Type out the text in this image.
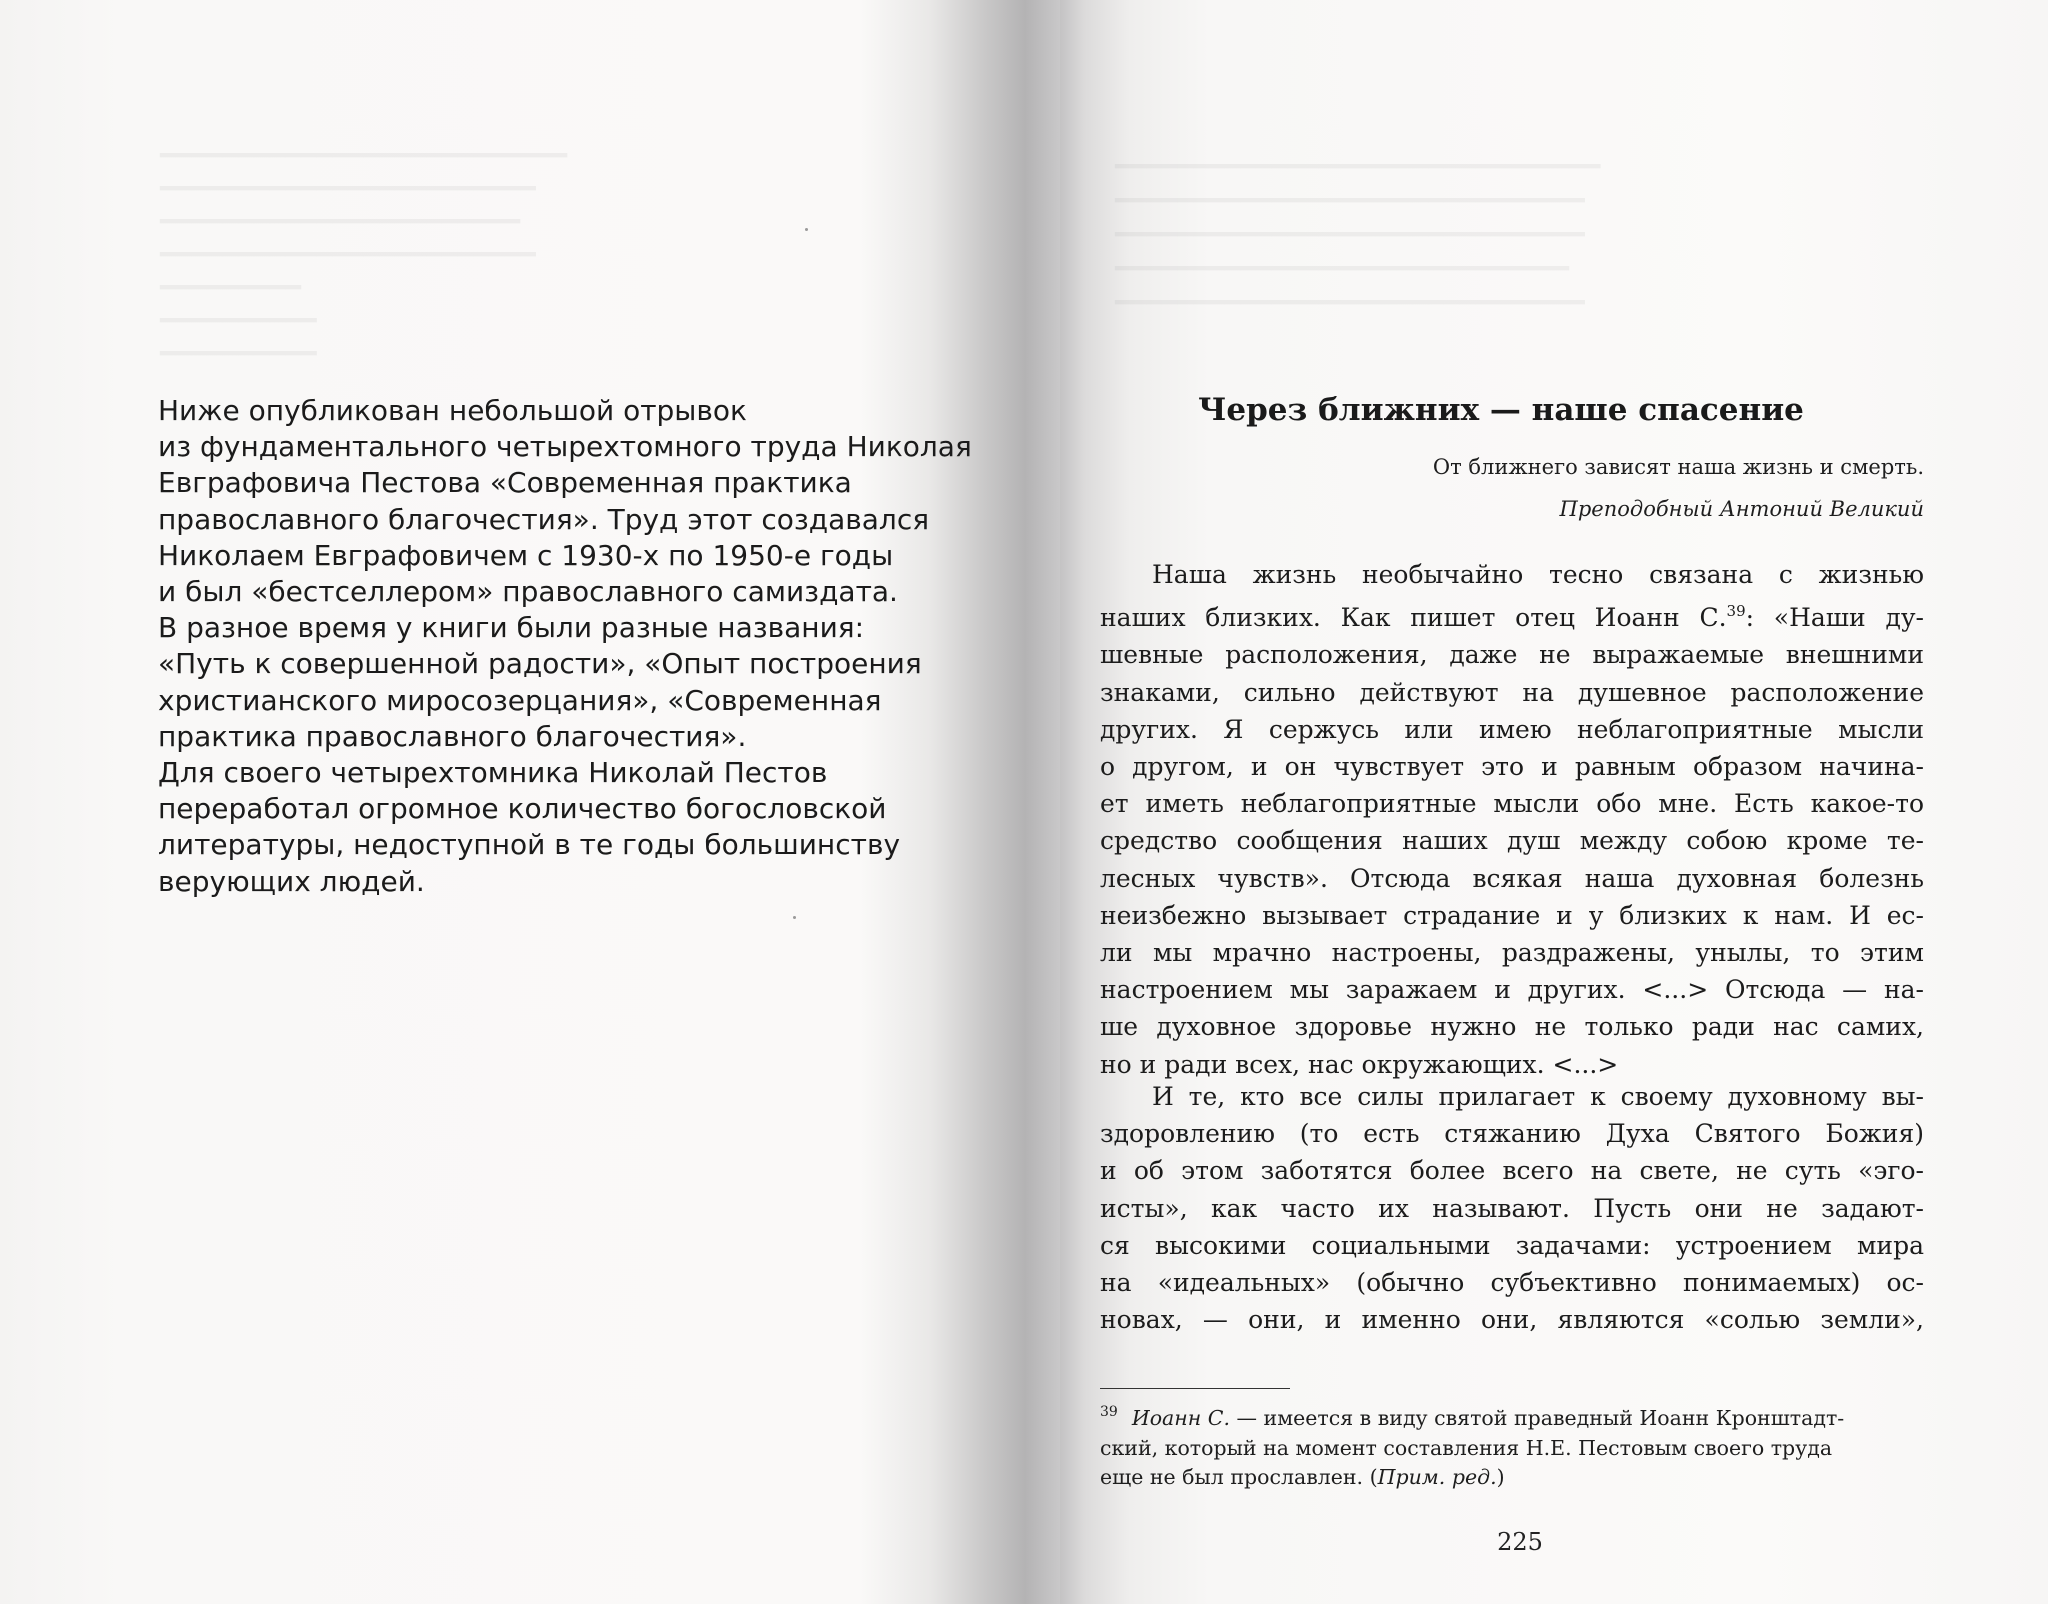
━━━━━━━━━━━━━━━━━━━━━━━━━━
━━━━━━━━━━━━━━━━━━━━━━━━
━━━━━━━━━━━━━━━━━━━━━━━
━━━━━━━━━━━━━━━━━━━━━━━━
━━━━━━━━━
━━━━━━━━━━
━━━━━━━━━━

━━━━━━━━━━━━━━━━━━━━━━━━━━━━━━━
━━━━━━━━━━━━━━━━━━━━━━━━━━━━━━
━━━━━━━━━━━━━━━━━━━━━━━━━━━━━━
━━━━━━━━━━━━━━━━━━━━━━━━━━━━━
━━━━━━━━━━━━━━━━━━━━━━━━━━━━━━

Ниже опубликован небольшой отрывок
из фундаментального четырехтомного труда Николая
Евграфовича Пестова «Современная практика
православного благочестия». Труд этот создавался
Николаем Евграфовичем с 1930-х по 1950-е годы
и был «бестселлером» православного самиздата.
В разное время у книги были разные названия:
«Путь к совершенной радости», «Опыт построения
христианского миросозерцания», «Современная
практика православного благочестия».
Для своего четырехтомника Николай Пестов
переработал огромное количество богословской
литературы, недоступной в те годы большинству
верующих людей.

Через ближних — наше спасение

От ближнего зависят наша жизнь и смерть.

Преподобный Антоний Великий

Наша жизнь необычайно тесно связана с жизнью
наших близких. Как пишет отец Иоанн С.$^{39}$: «Наши ду-
шевные расположения, даже не выражаемые внешними
знаками, сильно действуют на душевное расположение
других. Я сержусь или имею неблагоприятные мысли
о другом, и он чувствует это и равным образом начина-
ет иметь неблагоприятные мысли обо мне. Есть какое-то
средство сообщения наших душ между собою кроме те-
лесных чувств». Отсюда всякая наша духовная болезнь
неизбежно вызывает страдание и у близких к нам. И ес-
ли мы мрачно настроены, раздражены, унылы, то этим
настроением мы заражаем и других. <...> Отсюда — на-
ше духовное здоровье нужно не только ради нас самих,
но и ради всех, нас окружающих. <...>

И те, кто все силы прилагает к своему духовному вы-
здоровлению (то есть стяжанию Духа Святого Божия)
и об этом заботятся более всего на свете, не суть «эго-
исты», как часто их называют. Пусть они не задают-
ся высокими социальными задачами: устроением мира
на «идеальных» (обычно субъективно понимаемых) ос-
новах, — они, и именно они, являются «солью земли»,

$^{39}$ Иоанн С. — имеется в виду святой праведный Иоанн Кронштадт-
ский, который на момент составления Н.Е. Пестовым своего труда
еще не был прославлен. (Прим. ред.)

225
